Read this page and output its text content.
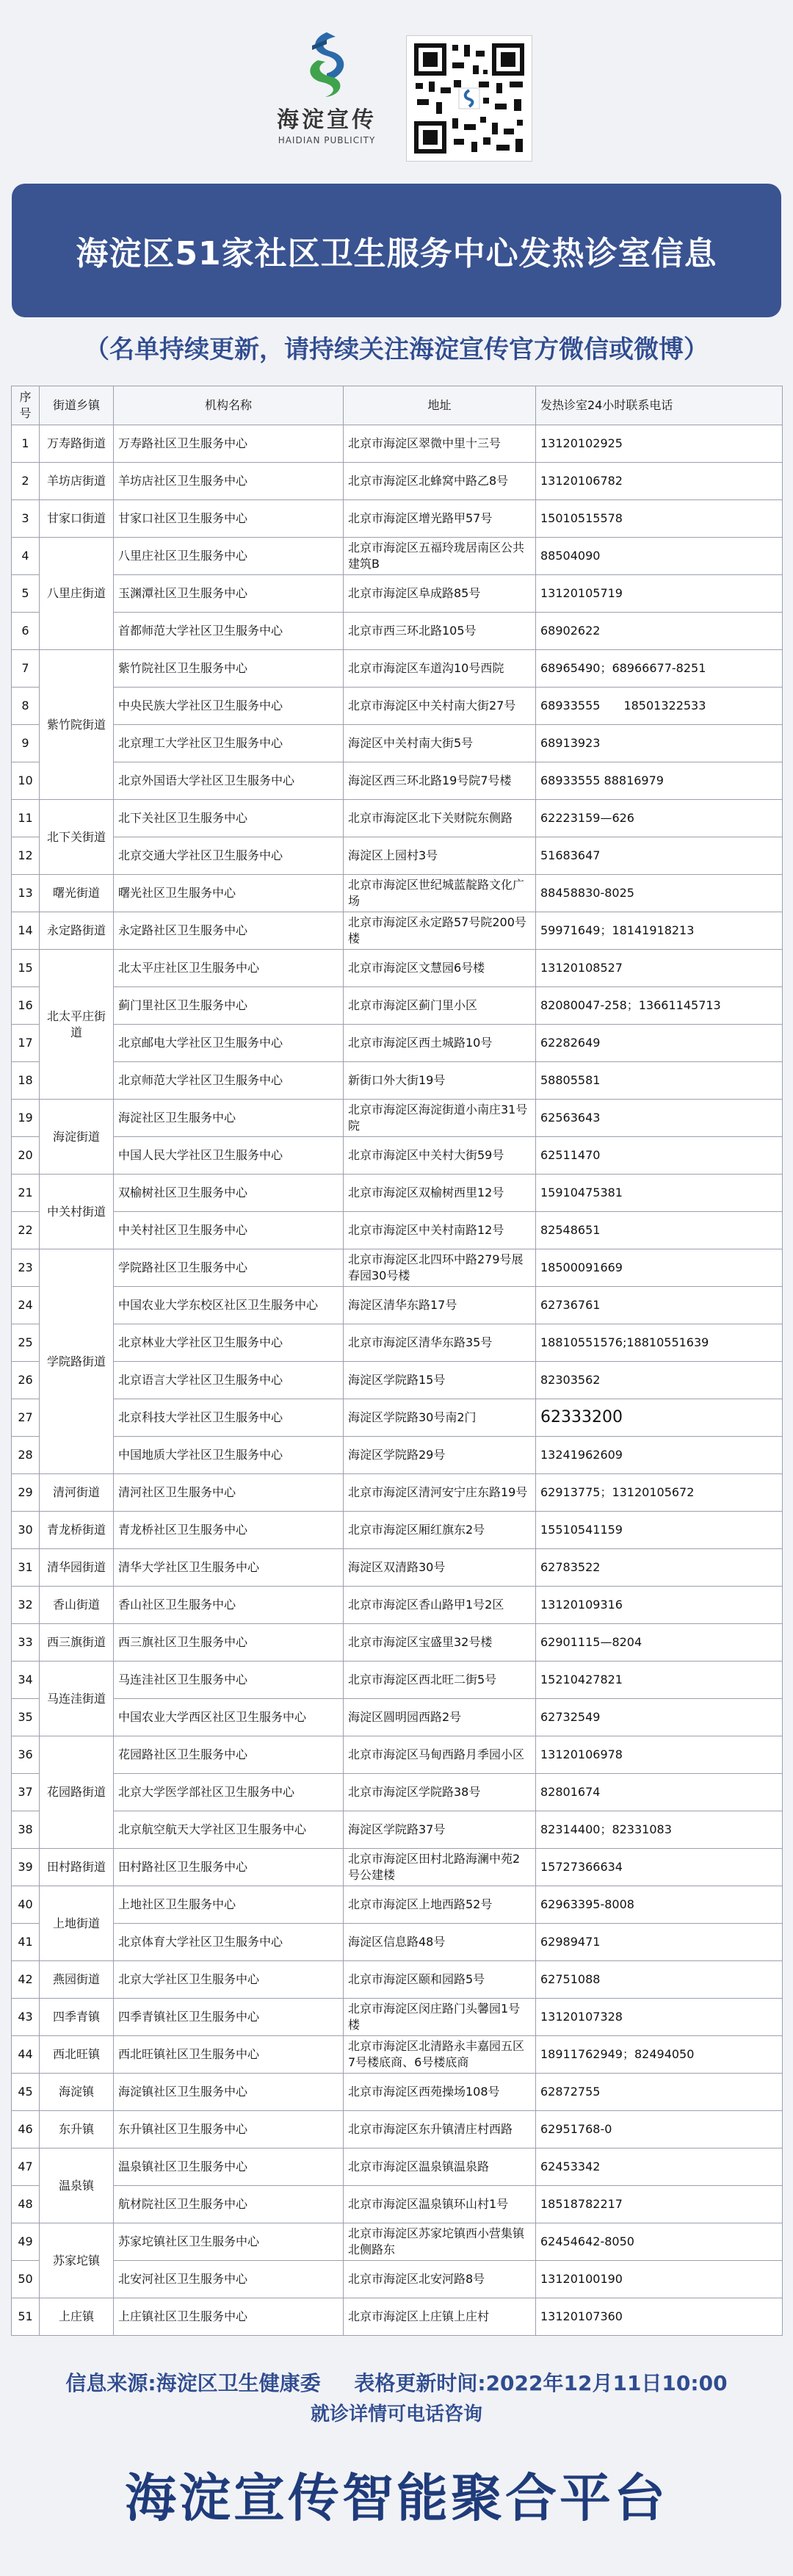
海淀宣传
HAIDIAN PUBLICITY
海淀区51家社区卫生服务中心发热诊室信息
（名单持续更新，请持续关注海淀宣传官方微信或微博）
序号	街道乡镇	机构名称	地址	发热诊室24小时联系电话
1	万寿路街道	万寿路社区卫生服务中心	北京市海淀区翠微中里十三号	13120102925
2	羊坊店街道	羊坊店社区卫生服务中心	北京市海淀区北蜂窝中路乙8号	13120106782
3	甘家口街道	甘家口社区卫生服务中心	北京市海淀区增光路甲57号	15010515578
4	八里庄街道	八里庄社区卫生服务中心	北京市海淀区五福玲珑居南区公共建筑B	88504090
5		玉渊潭社区卫生服务中心	北京市海淀区阜成路85号	13120105719
6		首都师范大学社区卫生服务中心	北京市西三环北路105号	68902622
7	紫竹院街道	紫竹院社区卫生服务中心	北京市海淀区车道沟10号西院	68965490；68966677-8251
8		中央民族大学社区卫生服务中心	北京市海淀区中关村南大街27号	68933555　　18501322533
9		北京理工大学社区卫生服务中心	海淀区中关村南大街5号	68913923
10		北京外国语大学社区卫生服务中心	海淀区西三环北路19号院7号楼	68933555 88816979
11	北下关街道	北下关社区卫生服务中心	北京市海淀区北下关财院东侧路	62223159—626
12		北京交通大学社区卫生服务中心	海淀区上园村3号	51683647
13	曙光街道	曙光社区卫生服务中心	北京市海淀区世纪城蓝靛路文化广场	88458830-8025
14	永定路街道	永定路社区卫生服务中心	北京市海淀区永定路57号院200号楼	59971649；18141918213
15	北太平庄街道	北太平庄社区卫生服务中心	北京市海淀区文慧园6号楼	13120108527
16		蓟门里社区卫生服务中心	北京市海淀区蓟门里小区	82080047-258；13661145713
17		北京邮电大学社区卫生服务中心	北京市海淀区西土城路10号	62282649
18		北京师范大学社区卫生服务中心	新街口外大街19号	58805581
19	海淀街道	海淀社区卫生服务中心	北京市海淀区海淀街道小南庄31号院	62563643
20		中国人民大学社区卫生服务中心	北京市海淀区中关村大街59号	62511470
21	中关村街道	双榆树社区卫生服务中心	北京市海淀区双榆树西里12号	15910475381
22		中关村社区卫生服务中心	北京市海淀区中关村南路12号	82548651
23	学院路街道	学院路社区卫生服务中心	北京市海淀区北四环中路279号展春园30号楼	18500091669
24		中国农业大学东校区社区卫生服务中心	海淀区清华东路17号	62736761
25		北京林业大学社区卫生服务中心	北京市海淀区清华东路35号	18810551576;18810551639
26		北京语言大学社区卫生服务中心	海淀区学院路15号	82303562
27		北京科技大学社区卫生服务中心	海淀区学院路30号南2门	62333200
28		中国地质大学社区卫生服务中心	海淀区学院路29号	13241962609
29	清河街道	清河社区卫生服务中心	北京市海淀区清河安宁庄东路19号	62913775；13120105672
30	青龙桥街道	青龙桥社区卫生服务中心	北京市海淀区厢红旗东2号	15510541159
31	清华园街道	清华大学社区卫生服务中心	海淀区双清路30号	62783522
32	香山街道	香山社区卫生服务中心	北京市海淀区香山路甲1号2区	13120109316
33	西三旗街道	西三旗社区卫生服务中心	北京市海淀区宝盛里32号楼	62901115—8204
34	马连洼街道	马连洼社区卫生服务中心	北京市海淀区西北旺二街5号	15210427821
35		中国农业大学西区社区卫生服务中心	海淀区圆明园西路2号	62732549
36	花园路街道	花园路社区卫生服务中心	北京市海淀区马甸西路月季园小区	13120106978
37		北京大学医学部社区卫生服务中心	北京市海淀区学院路38号	82801674
38		北京航空航天大学社区卫生服务中心	海淀区学院路37号	82314400；82331083
39	田村路街道	田村路社区卫生服务中心	北京市海淀区田村北路海澜中苑2号公建楼	15727366634
40	上地街道	上地社区卫生服务中心	北京市海淀区上地西路52号	62963395-8008
41		北京体育大学社区卫生服务中心	海淀区信息路48号	62989471
42	燕园街道	北京大学社区卫生服务中心	北京市海淀区颐和园路5号	62751088
43	四季青镇	四季青镇社区卫生服务中心	北京市海淀区闵庄路门头馨园1号楼	13120107328
44	西北旺镇	西北旺镇社区卫生服务中心	北京市海淀区北清路永丰嘉园五区7号楼底商、6号楼底商	18911762949；82494050
45	海淀镇	海淀镇社区卫生服务中心	北京市海淀区西苑操场108号	62872755
46	东升镇	东升镇社区卫生服务中心	北京市海淀区东升镇清庄村西路	62951768-0
47	温泉镇	温泉镇社区卫生服务中心	北京市海淀区温泉镇温泉路	62453342
48		航材院社区卫生服务中心	北京市海淀区温泉镇环山村1号	18518782217
49	苏家坨镇	苏家坨镇社区卫生服务中心	北京市海淀区苏家坨镇西小营集镇北侧路东	62454642-8050
50		北安河社区卫生服务中心	北京市海淀区北安河路8号	13120100190
51	上庄镇	上庄镇社区卫生服务中心	北京市海淀区上庄镇上庄村	13120107360
信息来源:海淀区卫生健康委 表格更新时间:2022年12月11日10:00
就诊详情可电话咨询
海淀宣传智能聚合平台
